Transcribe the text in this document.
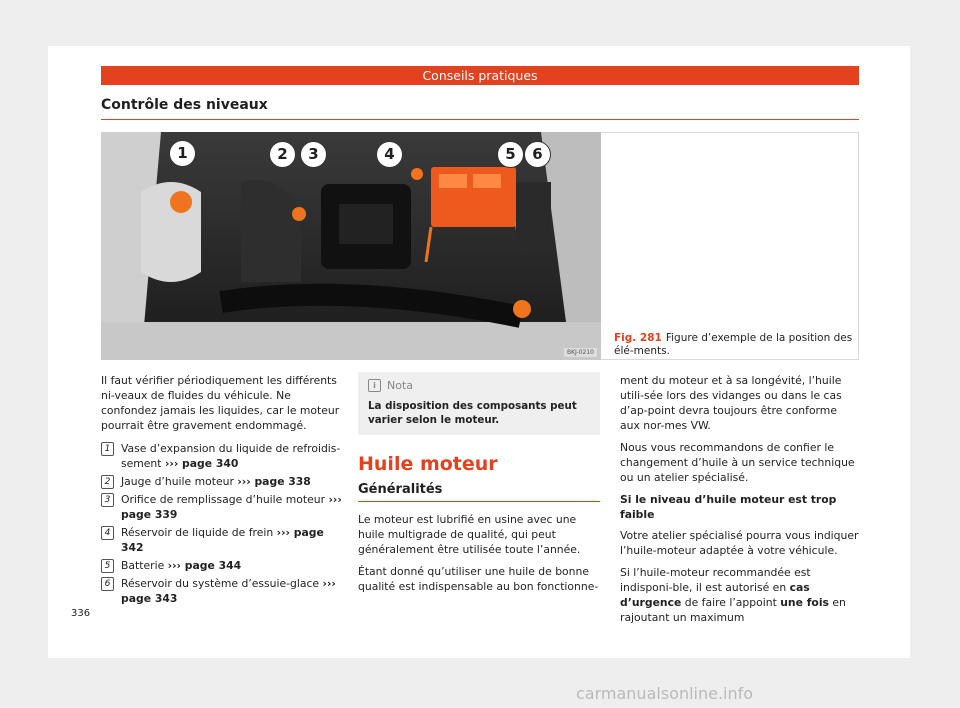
Conseils pratiques
Contrôle des niveaux
1	2	3	4	5	6
BKJ-0210
Fig. 281 Figure d’exemple de la position des élé-ments.

Il faut vérifier périodiquement les différents ni-veaux de fluides du véhicule. Ne confondez jamais les liquides, car le moteur pourrait être gravement endommagé.

1 Vase d’expansion du liquide de refroidis-sement ››› page 340
2 Jauge d’huile moteur ››› page 338
3 Orifice de remplissage d’huile moteur ››› page 339
4 Réservoir de liquide de frein ››› page 342
5 Batterie ››› page 344
6 Réservoir du système d’essuie-glace ››› page 343
i	Nota
La disposition des composants peut varier selon le moteur.
Huile moteur
Généralités

Le moteur est lubrifié en usine avec une huile multigrade de qualité, qui peut généralement être utilisée toute l’année.

Étant donné qu’utiliser une huile de bonne qualité est indispensable au bon fonctionne-

ment du moteur et à sa longévité, l’huile utili-sée lors des vidanges ou dans le cas d’ap-point devra toujours être conforme aux nor-mes VW.

Nous vous recommandons de confier le changement d’huile à un service technique ou un atelier spécialisé.

Si le niveau d’huile moteur est trop faible

Votre atelier spécialisé pourra vous indiquer l’huile-moteur adaptée à votre véhicule.

Si l’huile-moteur recommandée est indisponi-ble, il est autorisé en cas d’urgence de faire l’appoint une fois en rajoutant un maximum

336
carmanualsonline.info
